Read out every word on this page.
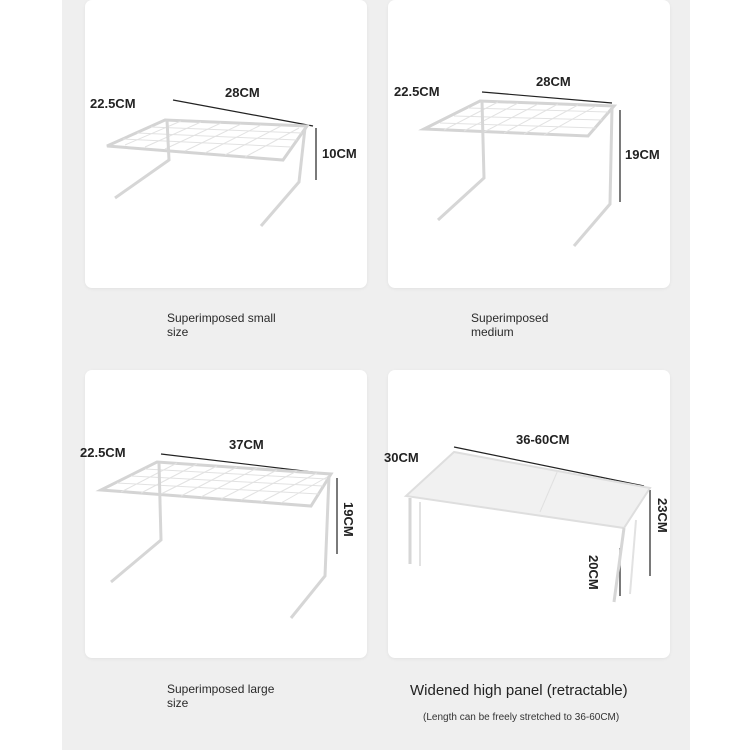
22.5CM
28CM
10CM
22.5CM
28CM
19CM
Superimposed small size
Superimposed medium
22.5CM
37CM
19CM
30CM
36-60CM
23CM
20CM
Superimposed large size
Widened high panel (retractable)
(Length can be freely stretched to 36-60CM)
